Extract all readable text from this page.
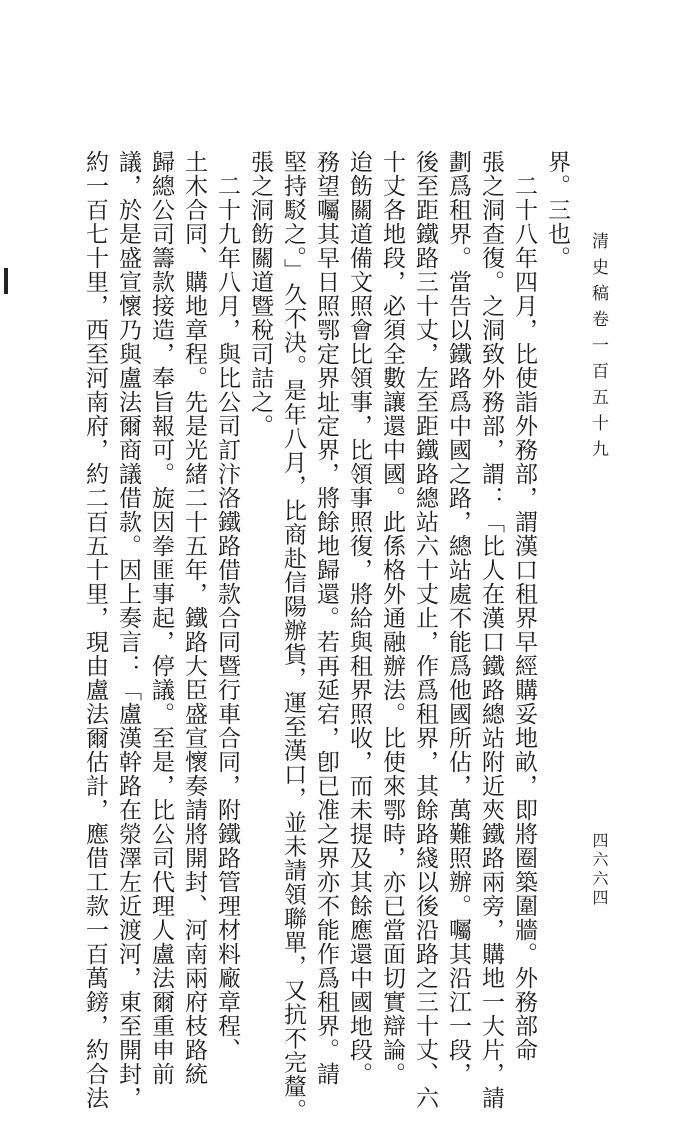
清史稿卷一百五十九
四六六四
界。三也。
二十八年四月，比使詣外務部，謂漢口租界早經購妥地畝，即將圈築圍牆。外務部命
張之洞查復。之洞致外務部，謂：「比人在漢口鐵路總站附近夾鐵路兩旁，購地一大片，請
劃爲租界。當告以鐵路爲中國之路，總站處不能爲他國所佔，萬難照辦。囑其沿江一段，
後至距鐵路三十丈，左至距鐵路總站六十丈止，作爲租界，其餘路綫以後沿路之三十丈、六
十丈各地段，必須全數讓還中國。此係格外通融辦法。比使來鄂時，亦已當面切實辯論。
迨飭關道備文照會比領事，比領事照復，將給與租界照收，而未提及其餘應還中國地段。
務望囑其早日照鄂定界址定界，將餘地歸還。若再延宕，卽已准之界亦不能作爲租界。請
堅持駁之。」久不決。是年八月，比商赴信陽辦貨，運至漢口，並未請領聯單，又抗不完釐。
張之洞飭關道暨稅司詰之。
二十九年八月，與比公司訂汴洛鐵路借款合同暨行車合同，附鐵路管理材料廠章程、
土木合同、購地章程。先是光緒二十五年，鐵路大臣盛宣懷奏請將開封、河南兩府枝路統
歸總公司籌款接造，奉旨報可。旋因拳匪事起，停議。至是，比公司代理人盧法爾重申前
議，於是盛宣懷乃與盧法爾商議借款。因上奏言：「盧漢幹路在滎澤左近渡河，東至開封，
約一百七十里，西至河南府，約二百五十里，現由盧法爾估計，應借工款一百萬鎊，約合法
